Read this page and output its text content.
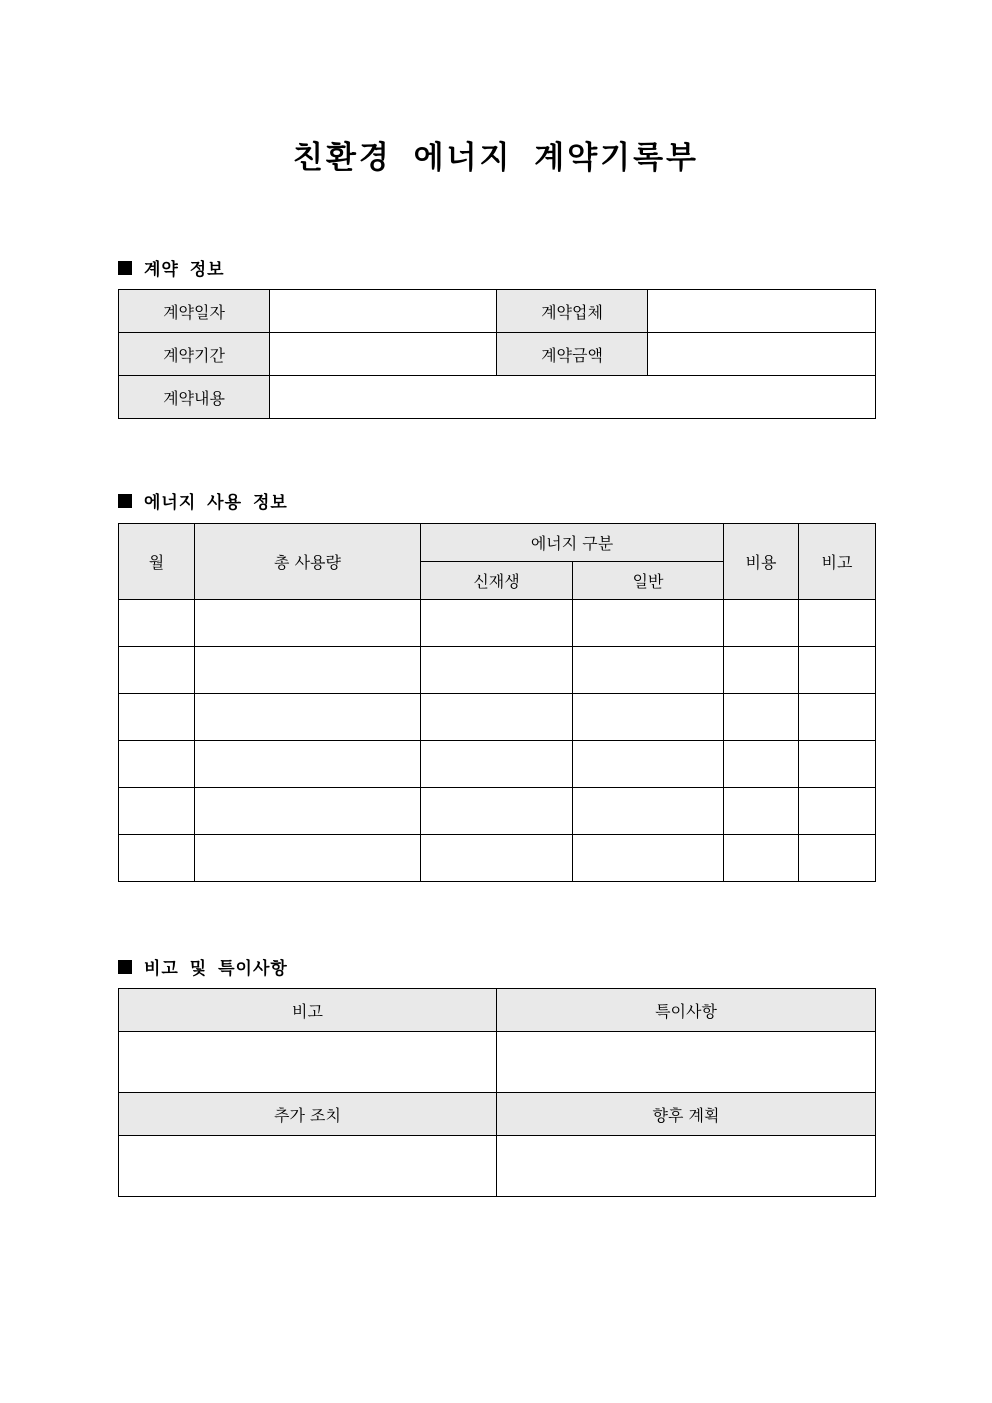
친환경 에너지 계약기록부
계약 정보
계약일자		계약업체	
계약기간		계약금액	
계약내용			
에너지 사용 정보
월	총 사용량	에너지 구분		비용	비고
		신재생	일반		

비고 및 특이사항
비고	특이사항

추가 조치	향후 계획
